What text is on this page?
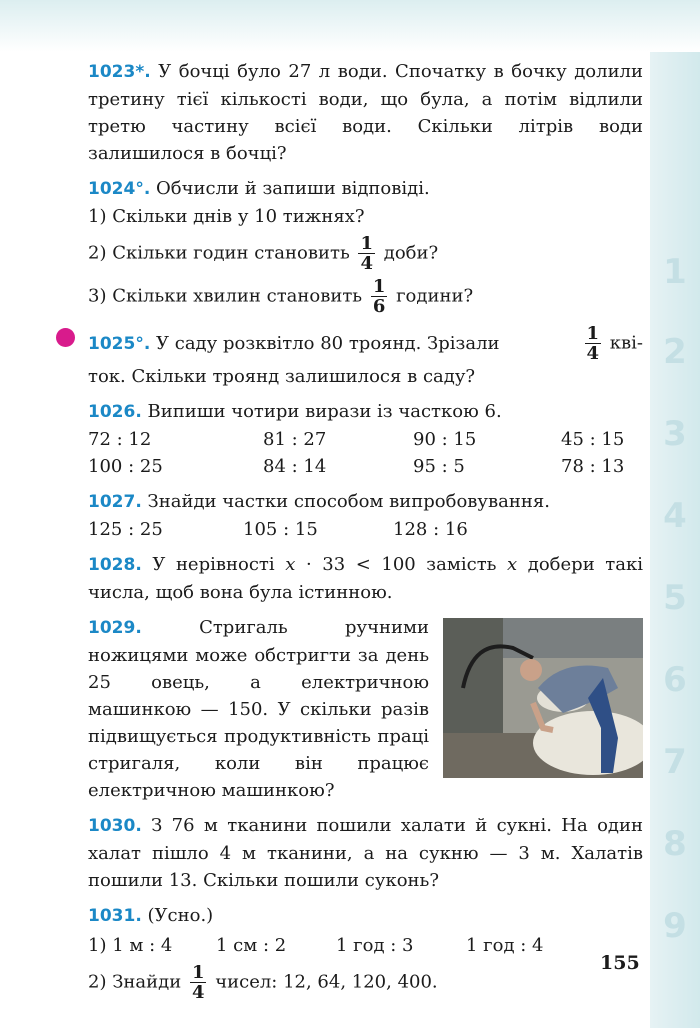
1
2
3
4
5
6
7
8
9
1023*. У бочці було 27 л води. Спочатку в бочку долили третину тієї кількості води, що була, а потім відлили третю частину всієї води. Скільки літрів води залишилося в бочці?

1024°. Обчисли й запиши відповіді.

1) Скільки днів у 10 тижнях?

2) Скільки годин становить $\frac{1}{4}$ доби?

3) Скільки хвилин становить $\frac{1}{6}$ години?

1025°. У саду розквітло 80 троянд. Зрізали	$\frac{1}{4} кві-$

ток. Скільки троянд залишилося в саду?

1026. Випиши чотири вирази із часткою 6.

72 : 12	81 : 27	90 : 15	45 : 15
100 : 25	84 : 14	95 : 5	78 : 13

1027. Знайди частки способом випробовування.

125 : 25	105 : 15	128 : 16
1028. У нерівності x · 33 < 100 замість x добери такі числа, щоб вона була істинною.
1029.	Стригаль ручними ножицями може обстригти за день 25 овець, а електричною машинкою — 150. У скільки разів підвищується продуктивність праці стригаля, коли він працює електричною машинкою?
1030. З 76 м тканини пошили халати й сукні. На один халат пішло 4 м тканини, а на сукню — 3 м. Халатів пошили 13. Скільки пошили суконь?

1031. (Усно.)

1) 1 м : 4	1 см : 2	1 год : 3	1 год : 4

2) Знайди $\frac{1}{4}$ чисел: 12, 64, 120, 400.

155
